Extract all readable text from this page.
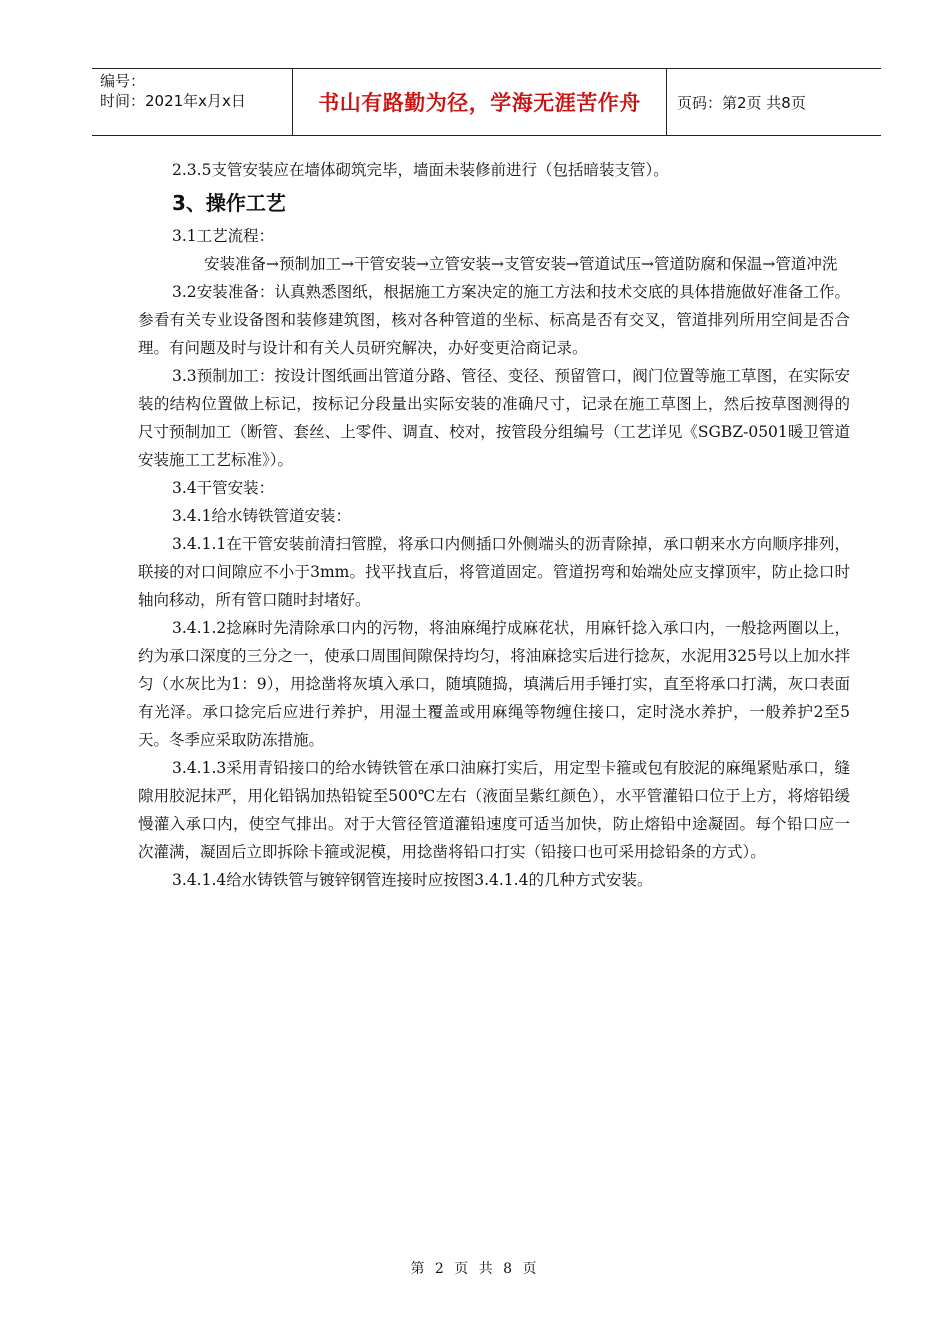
编号：
时间：2021年x月x日	书山有路勤为径，学海无涯苦作舟	页码：第2页 共8页

2.3.5支管安装应在墙体砌筑完毕，墙面未装修前进行（包括暗装支管）。

3、操作工艺

3.1工艺流程：

安装准备→预制加工→干管安装→立管安装→支管安装→管道试压→管道防腐和保温→管道冲洗

3.2安装准备：认真熟悉图纸，根据施工方案决定的施工方法和技术交底的具体措施做好准备工作。参看有关专业设备图和装修建筑图，核对各种管道的坐标、标高是否有交叉，管道排列所用空间是否合理。有问题及时与设计和有关人员研究解决，办好变更洽商记录。

3.3预制加工：按设计图纸画出管道分路、管径、变径、预留管口，阀门位置等施工草图，在实际安装的结构位置做上标记，按标记分段量出实际安装的准确尺寸，记录在施工草图上，然后按草图测得的尺寸预制加工（断管、套丝、上零件、调直、校对，按管段分组编号（工艺详见《SGBZ-0501暖卫管道安装施工工艺标准》）。

3.4干管安装：

3.4.1给水铸铁管道安装：

3.4.1.1在干管安装前清扫管膛，将承口内侧插口外侧端头的沥青除掉，承口朝来水方向顺序排列，联接的对口间隙应不小于3mm。找平找直后，将管道固定。管道拐弯和始端处应支撑顶牢，防止捻口时轴向移动，所有管口随时封堵好。

3.4.1.2捻麻时先清除承口内的污物，将油麻绳拧成麻花状，用麻钎捻入承口内，一般捻两圈以上，约为承口深度的三分之一，使承口周围间隙保持均匀，将油麻捻实后进行捻灰，水泥用325号以上加水拌匀（水灰比为1：9），用捻凿将灰填入承口，随填随捣，填满后用手锤打实，直至将承口打满，灰口表面有光泽。承口捻完后应进行养护，用湿土覆盖或用麻绳等物缠住接口，定时浇水养护，一般养护2至5天。冬季应采取防冻措施。

3.4.1.3采用青铅接口的给水铸铁管在承口油麻打实后，用定型卡箍或包有胶泥的麻绳紧贴承口，缝隙用胶泥抹严，用化铅锅加热铅锭至500℃左右（液面呈紫红颜色），水平管灌铅口位于上方，将熔铅缓慢灌入承口内，使空气排出。对于大管径管道灌铅速度可适当加快，防止熔铅中途凝固。每个铅口应一次灌满，凝固后立即拆除卡箍或泥模，用捻凿将铅口打实（铅接口也可采用捻铅条的方式）。

3.4.1.4给水铸铁管与镀锌钢管连接时应按图3.4.1.4的几种方式安装。

第 2 页 共 8 页
